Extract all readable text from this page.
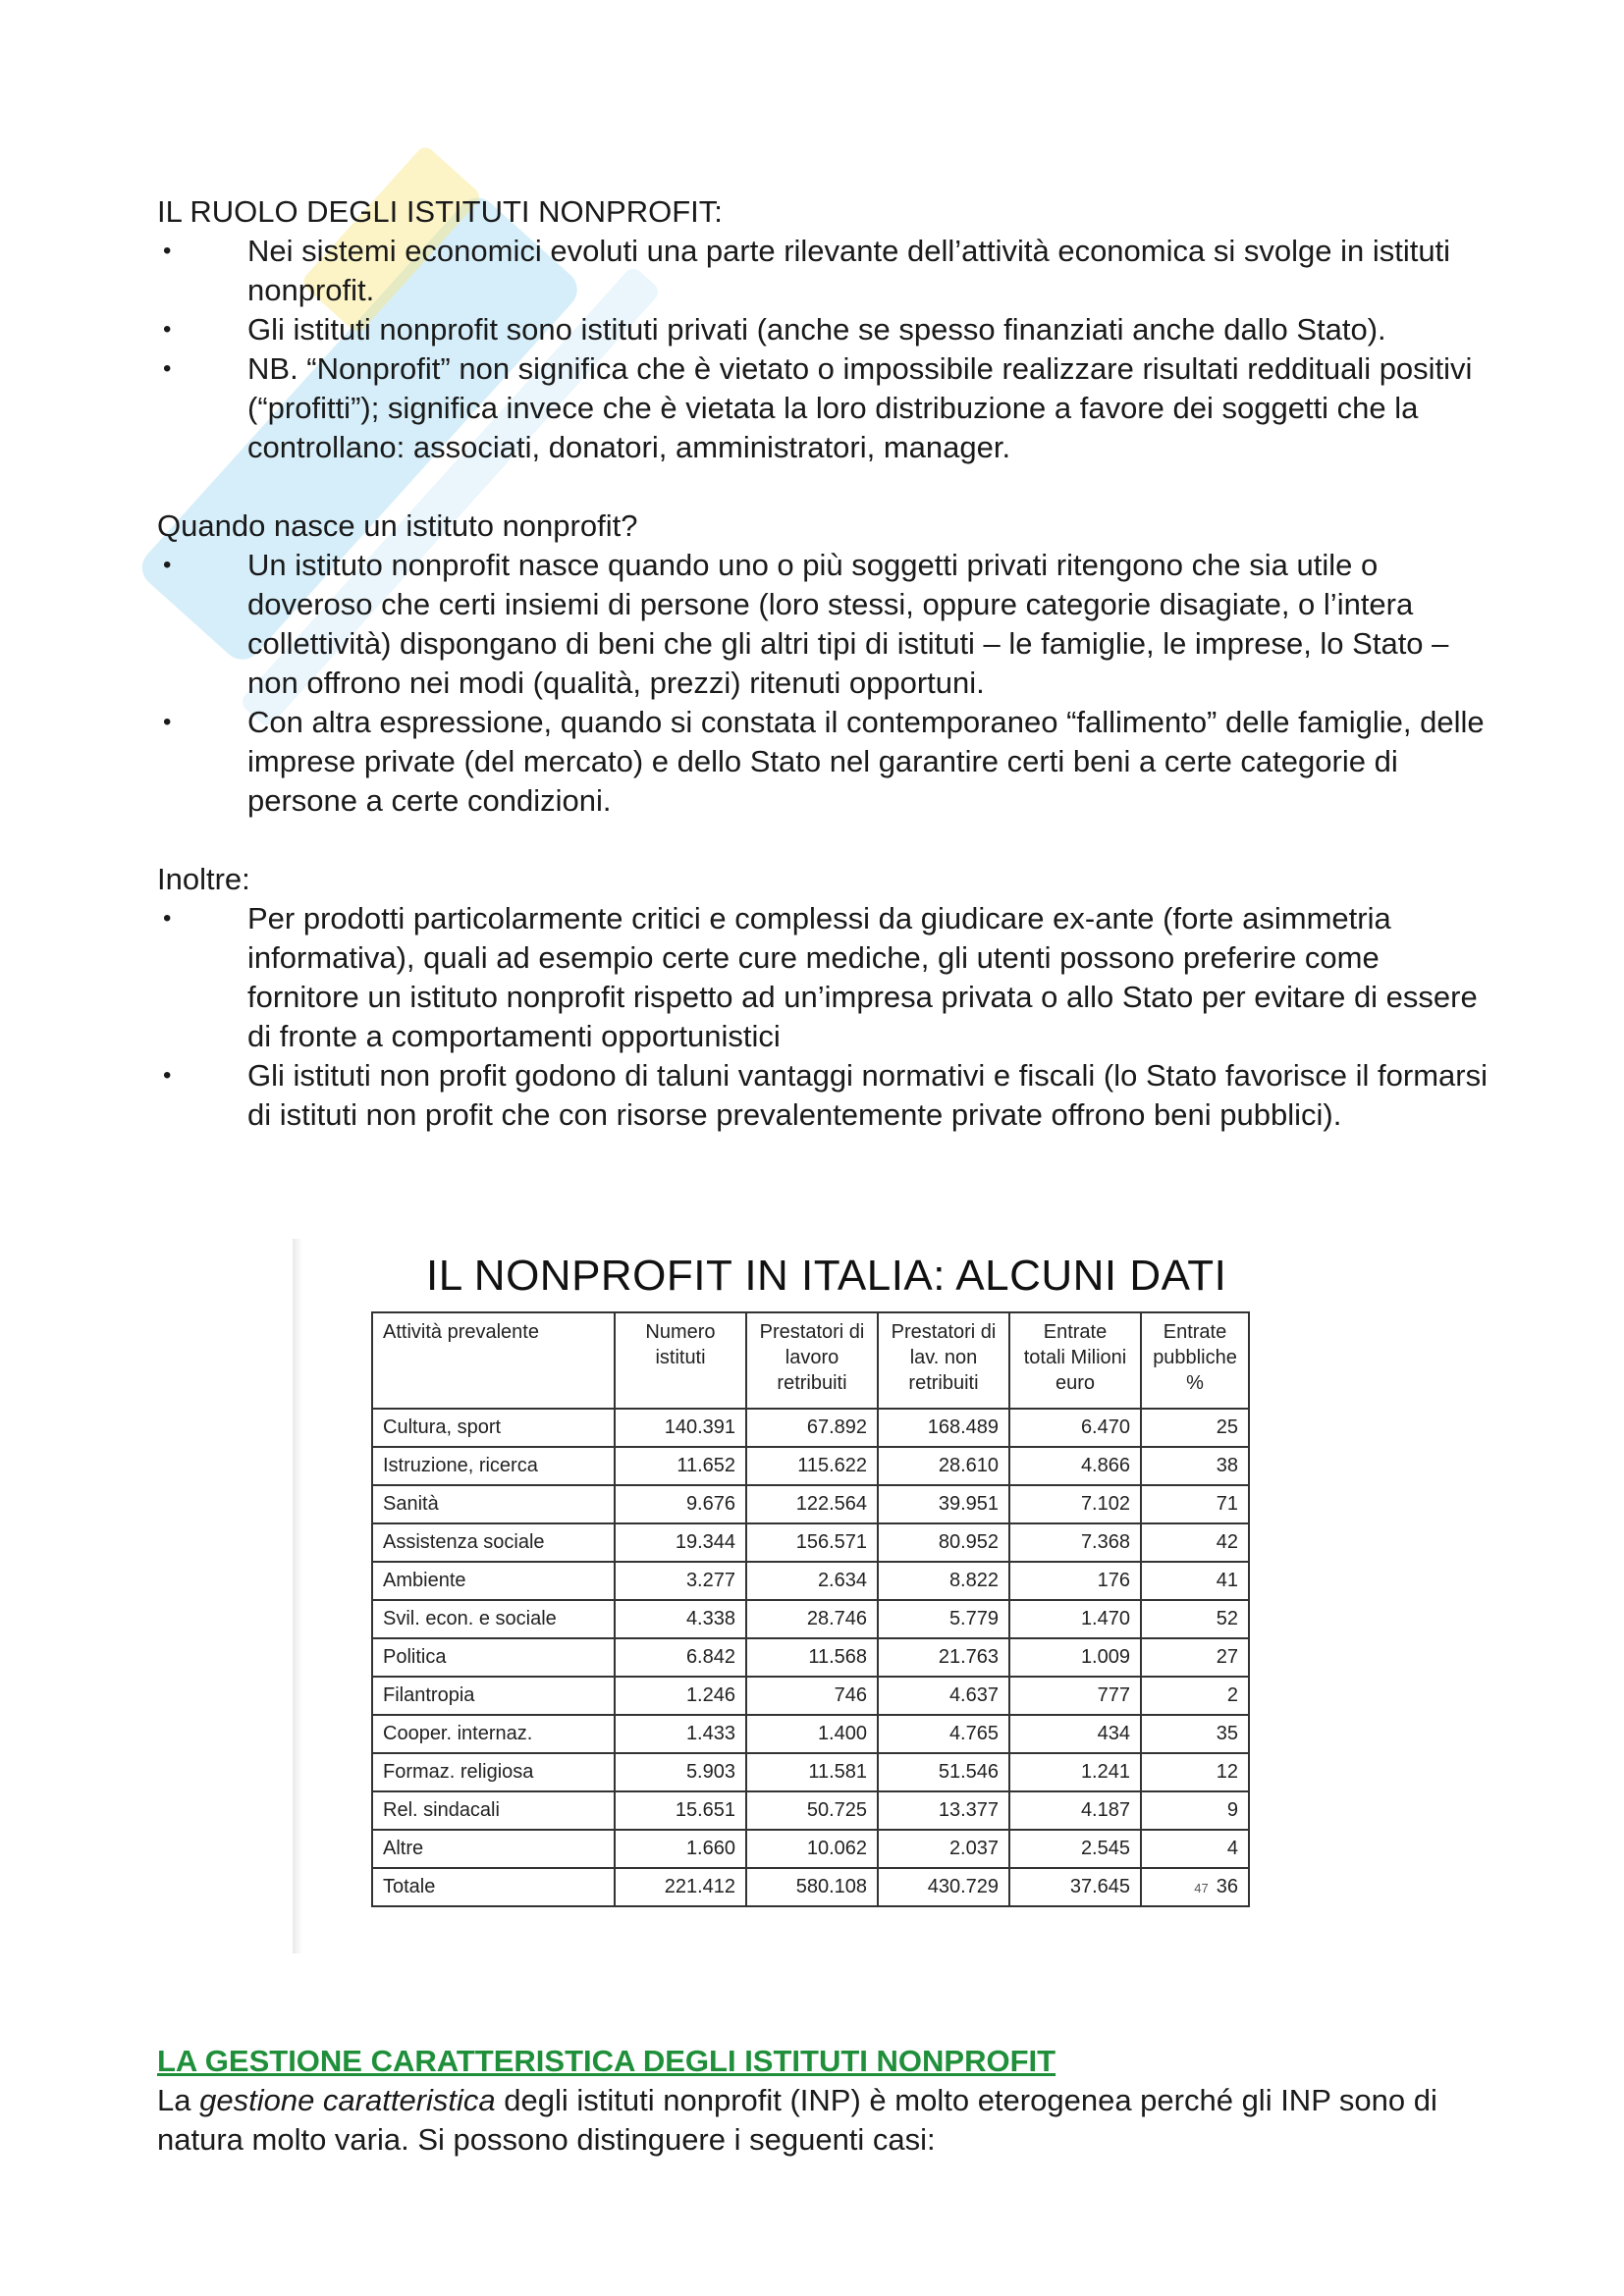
IL RUOLO DEGLI ISTITUTI NONPROFIT:

•	Nei sistemi economici evoluti una parte rilevante dell’attività economica si svolge in istituti nonprofit.
•	Gli istituti nonprofit sono istituti privati (anche se spesso finanziati anche dallo Stato).
•	NB. “Nonprofit” non significa che è vietato o impossibile realizzare risultati reddituali positivi (“profitti”); significa invece che è vietata la loro distribuzione a favore dei soggetti che la controllano: associati, donatori, amministratori, manager.

Quando nasce un istituto nonprofit?

•	Un istituto nonprofit nasce quando uno o più soggetti privati ritengono che sia utile o doveroso che certi insiemi di persone (loro stessi, oppure categorie disagiate, o l’intera collettività) dispongano di beni che gli altri tipi di istituti – le famiglie, le imprese, lo Stato – non offrono nei modi (qualità, prezzi) ritenuti opportuni.
•	Con altra espressione, quando si constata il contemporaneo “fallimento” delle famiglie, delle imprese private (del mercato) e dello Stato nel garantire certi beni a certe categorie di persone a certe condizioni.

Inoltre:

•	Per prodotti particolarmente critici e complessi da giudicare ex-ante (forte asimmetria informativa), quali ad esempio certe cure mediche, gli utenti possono preferire come fornitore un istituto nonprofit rispetto ad un’impresa privata o allo Stato per evitare di essere di fronte a comportamenti opportunistici
•	Gli istituti non profit godono di taluni vantaggi normativi e fiscali (lo Stato favorisce il formarsi di istituti non profit che con risorse prevalentemente private offrono beni pubblici).
IL NONPROFIT IN ITALIA: ALCUNI DATI
Attività prevalente	Numero istituti	Prestatori di lavoro retribuiti	Prestatori di lav. non retribuiti	Entrate totali Milioni euro	Entrate pubbliche %
Cultura, sport	140.391	67.892	168.489	6.470	25
Istruzione, ricerca	11.652	115.622	28.610	4.866	38
Sanità	9.676	122.564	39.951	7.102	71
Assistenza sociale	19.344	156.571	80.952	7.368	42
Ambiente	3.277	2.634	8.822	176	41
Svil. econ. e sociale	4.338	28.746	5.779	1.470	52
Politica	6.842	11.568	21.763	1.009	27
Filantropia	1.246	746	4.637	777	2
Cooper. internaz.	1.433	1.400	4.765	434	35
Formaz. religiosa	5.903	11.581	51.546	1.241	12
Rel. sindacali	15.651	50.725	13.377	4.187	9
Altre	1.660	10.062	2.037	2.545	4
Totale	221.412	580.108	430.729	37.645	47 36

LA GESTIONE CARATTERISTICA DEGLI ISTITUTI NONPROFIT

La gestione caratteristica degli istituti nonprofit (INP) è molto eterogenea perché gli INP sono di natura molto varia. Si possono distinguere i seguenti casi:
